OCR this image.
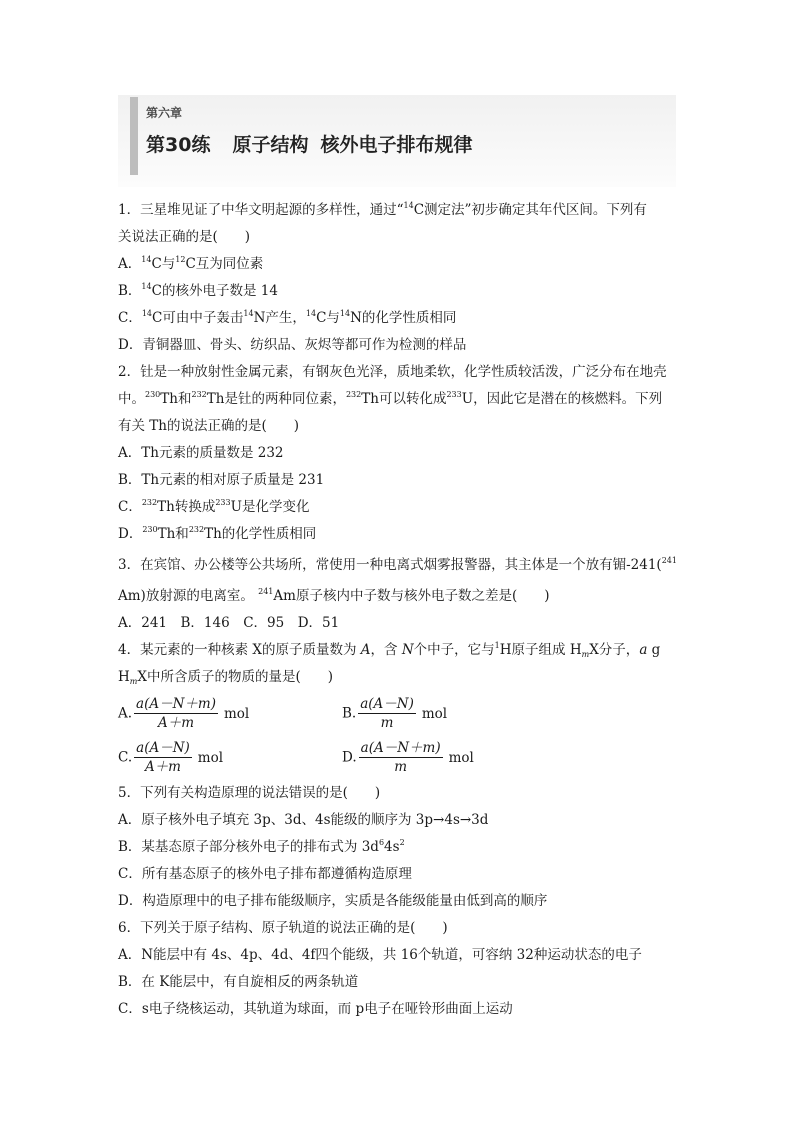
第六章
第30练 原子结构 核外电子排布规律
1．三星堆见证了中华文明起源的多样性，通过“$^{14}$C测定法”初步确定其年代区间。下列有
关说法正确的是(　　)
A．$^{14}$C与$^{12}$C互为同位素
B．$^{14}$C的核外电子数是 14
C．$^{14}$C可由中子轰击$^{14}$N产生，$^{14}$C与$^{14}$N的化学性质相同
D．青铜器皿、骨头、纺织品、灰烬等都可作为检测的样品
2．钍是一种放射性金属元素，有钢灰色光泽，质地柔软，化学性质较活泼，广泛分布在地壳
中。$^{230}$Th和$^{232}$Th是钍的两种同位素，$^{232}$Th可以转化成$^{233}$U，因此它是潜在的核燃料。下列
有关 Th的说法正确的是(　　)
A．Th元素的质量数是 232
B．Th元素的相对原子质量是 231
C．$^{232}$Th转换成$^{233}$U是化学变化
D．$^{230}$Th和$^{232}$Th的化学性质相同
3．在宾馆、办公楼等公共场所，常使用一种电离式烟雾报警器，其主体是一个放有镅-241($^{241}$
Am)放射源的电离室。 $^{241}$Am原子核内中子数与核外电子数之差是(　　)
A．241　B．146　C．95　D．51
4．某元素的一种核素 X的原子质量数为 A，含 N个中子，它与$^1$H原子组成 $H_mX$分子，a g
$H_mX$中所含质子的物质的量是(　　)
A. $\frac{a(A-N+m)}{A+m}$ mol	B. $\frac{a(A-N)}{m}$ mol
C. $\frac{a(A-N)}{A+m}$ mol	D. $\frac{a(A-N+m)}{m}$ mol
5．下列有关构造原理的说法错误的是(　　)
A．原子核外电子填充 3p、3d、4s能级的顺序为 3p→4s→3d
B．某基态原子部分核外电子的排布式为 $3d^64s^2$
C．所有基态原子的核外电子排布都遵循构造原理
D．构造原理中的电子排布能级顺序，实质是各能级能量由低到高的顺序
6．下列关于原子结构、原子轨道的说法正确的是(　　)
A．N能层中有 4s、4p、4d、4f四个能级，共 16个轨道，可容纳 32种运动状态的电子
B．在 K能层中，有自旋相反的两条轨道
C．s电子绕核运动，其轨道为球面，而 p电子在哑铃形曲面上运动
